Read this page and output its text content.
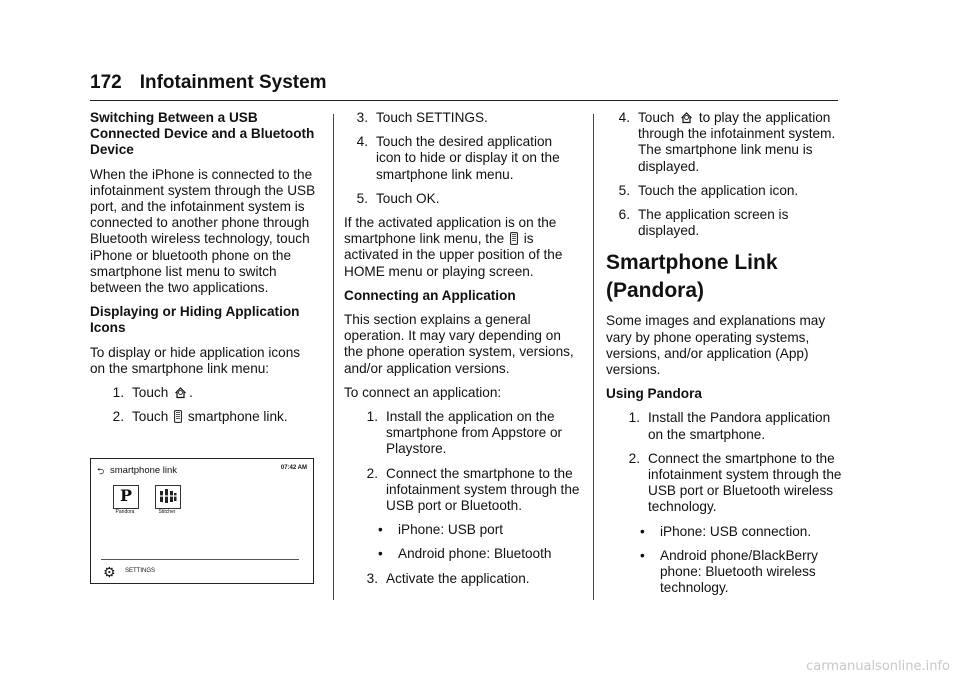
172 Infotainment System
Switching Between a USB Connected Device and a Bluetooth Device

When the iPhone is connected to the infotainment system through the USB port, and the infotainment system is connected to another phone through Bluetooth wireless technology, touch iPhone or bluetooth phone on the smartphone list menu to switch between the two applications.

Displaying or Hiding Application Icons

To display or hide application icons on the smartphone link menu:

1. Touch .
2. Touch smartphone link.
⮌ smartphone link	07:42 AM
P
Pandora	Stitcher
⚙ SETTINGS
3. Touch SETTINGS.
4. Touch the desired application icon to hide or display it on the smartphone link menu.
5. Touch OK.

If the activated application is on the smartphone link menu, the is activated in the upper position of the HOME menu or playing screen.

Connecting an Application

This section explains a general operation. It may vary depending on the phone operation system, versions, and/or application versions.

To connect an application:

1. Install the application on the smartphone from Appstore or Playstore.
2. Connect the smartphone to the infotainment system through the USB port or Bluetooth.
• iPhone: USB port
• Android phone: Bluetooth
3. Activate the application.
4. Touch to play the application through the infotainment system. The smartphone link menu is displayed.
5. Touch the application icon.
6. The application screen is displayed.
Smartphone Link (Pandora)

Some images and explanations may vary by phone operating systems, versions, and/or application (App) versions.

Using Pandora
1. Install the Pandora application on the smartphone.
2. Connect the smartphone to the infotainment system through the USB port or Bluetooth wireless technology.
• iPhone: USB connection.
• Android phone/BlackBerry phone: Bluetooth wireless technology.
carmanualsonline.info
